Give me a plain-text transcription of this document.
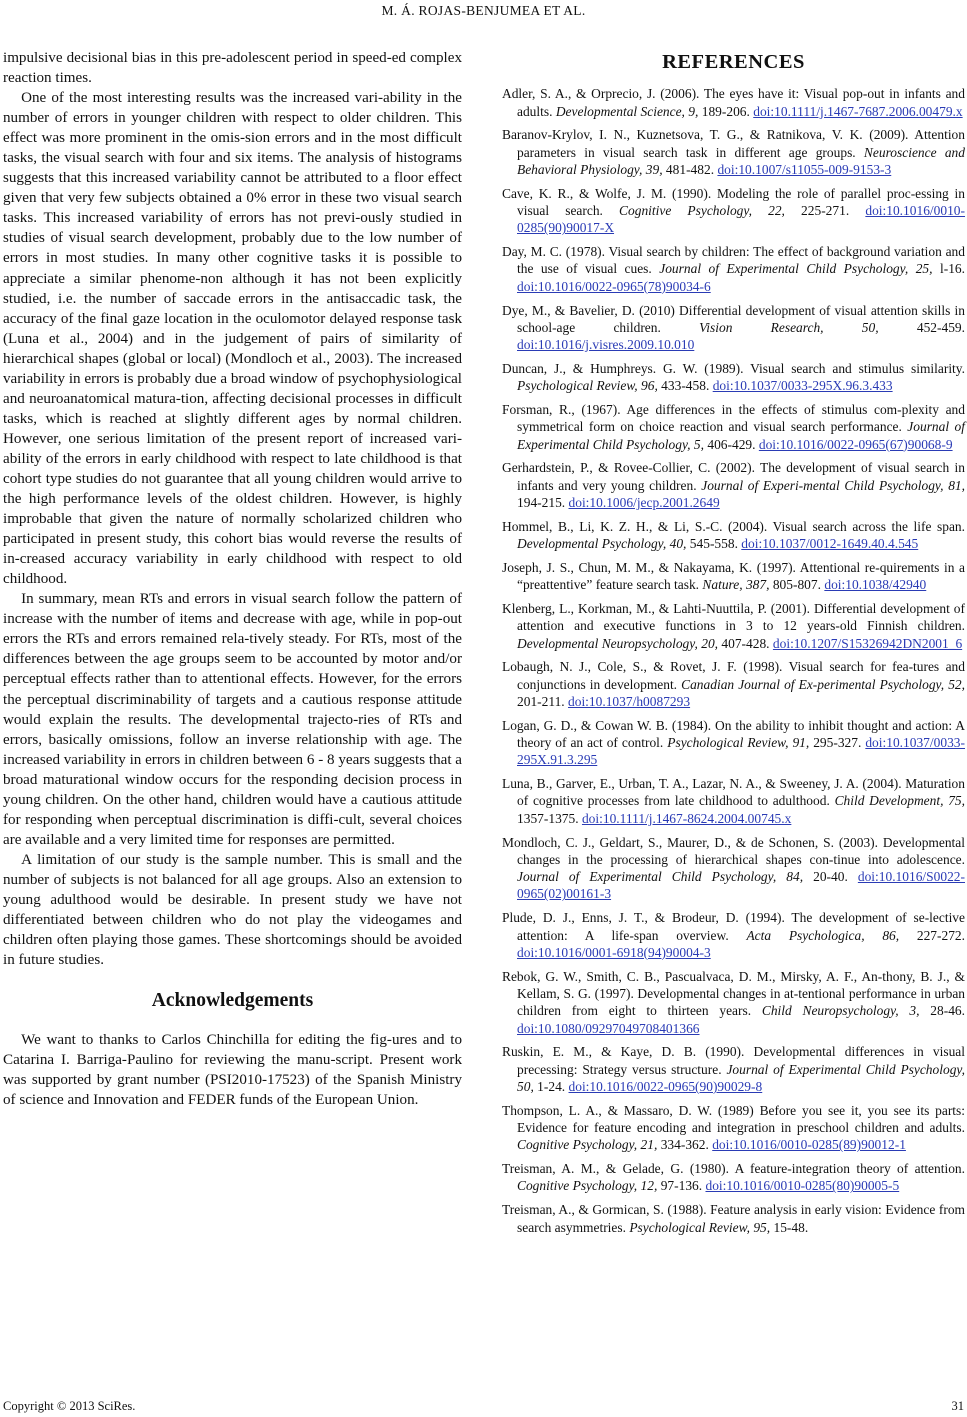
M. Á. ROJAS-BENJUMEA ET AL.

impulsive decisional bias in this pre-adolescent period in speed-ed complex reaction times.

One of the most interesting results was the increased vari-ability in the number of errors in younger children with respect to older children. This effect was more prominent in the omis-sion errors and in the most difficult tasks, the visual search with four and six items. The analysis of histograms suggests that this increased variability cannot be attributed to a floor effect given that very few subjects obtained a 0% error in these two visual search tasks. This increased variability of errors has not previ-ously studied in studies of visual search development, probably due to the low number of errors in most studies. In many other cognitive tasks it is possible to appreciate a similar phenome-non although it has not been explicitly studied, i.e. the number of saccade errors in the antisaccadic task, the accuracy of the final gaze location in the oculomotor delayed response task (Luna et al., 2004) and in the judgement of pairs of similarity of hierarchical shapes (global or local) (Mondloch et al., 2003). The increased variability in errors is probably due a broad window of psychophysiological and neuroanatomical matura-tion, affecting decisional processes in difficult tasks, which is reached at slightly different ages by normal children. However, one serious limitation of the present report of increased vari-ability of the errors in early childhood with respect to late childhood is that cohort type studies do not guarantee that all young children would arrive to the high performance levels of the oldest children. However, is highly improbable that given the nature of normally scholarized children who participated in present study, this cohort bias would reverse the results of in-creased accuracy variability in early childhood with respect to old childhood.

In summary, mean RTs and errors in visual search follow the pattern of increase with the number of items and decrease with age, while in pop-out errors the RTs and errors remained rela-tively steady. For RTs, most of the differences between the age groups seem to be accounted by motor and/or perceptual effects rather than to attentional effects. However, for the errors the perceptual discriminability of targets and a cautious response attitude would explain the results. The developmental trajecto-ries of RTs and errors, basically omissions, follow an inverse relationship with age. The increased variability in errors in children between 6 - 8 years suggests that a broad maturational window occurs for the responding decision process in young children. On the other hand, children would have a cautious attitude for responding when perceptual discrimination is diffi-cult, several choices are available and a very limited time for responses are permitted.

A limitation of our study is the sample number. This is small and the number of subjects is not balanced for all age groups. Also an extension to young adulthood would be desirable. In present study we have not differentiated between children who do not play the videogames and children often playing those games. These shortcomings should be avoided in future studies.

Acknowledgements

We want to thanks to Carlos Chinchilla for editing the fig-ures and to Catarina I. Barriga-Paulino for reviewing the manu-script. Present work was supported by grant number (PSI2010-17523) of the Spanish Ministry of science and Innovation and FEDER funds of the European Union.

REFERENCES
Adler, S. A., & Orprecio, J. (2006). The eyes have it: Visual pop-out in infants and adults. Developmental Science, 9, 189-206. doi:10.1111/j.1467-7687.2006.00479.x
Baranov-Krylov, I. N., Kuznetsova, T. G., & Ratnikova, V. K. (2009). Attention parameters in visual search task in different age groups. Neuroscience and Behavioral Physiology, 39, 481-482. doi:10.1007/s11055-009-9153-3
Cave, K. R., & Wolfe, J. M. (1990). Modeling the role of parallel proc-essing in visual search. Cognitive Psychology, 22, 225-271. doi:10.1016/0010-0285(90)90017-X
Day, M. C. (1978). Visual search by children: The effect of background variation and the use of visual cues. Journal of Experimental Child Psychology, 25, l-16. doi:10.1016/0022-0965(78)90034-6
Dye, M., & Bavelier, D. (2010) Differential development of visual attention skills in school-age children. Vision Research, 50, 452-459. doi:10.1016/j.visres.2009.10.010
Duncan, J., & Humphreys. G. W. (1989). Visual search and stimulus similarity. Psychological Review, 96, 433-458. doi:10.1037/0033-295X.96.3.433
Forsman, R., (1967). Age differences in the effects of stimulus com-plexity and symmetrical form on choice reaction and visual search performance. Journal of Experimental Child Psychology, 5, 406-429. doi:10.1016/0022-0965(67)90068-9
Gerhardstein, P., & Rovee-Collier, C. (2002). The development of visual search in infants and very young children. Journal of Experi-mental Child Psychology, 81, 194-215. doi:10.1006/jecp.2001.2649
Hommel, B., Li, K. Z. H., & Li, S.-C. (2004). Visual search across the life span. Developmental Psychology, 40, 545-558. doi:10.1037/0012-1649.40.4.545
Joseph, J. S., Chun, M. M., & Nakayama, K. (1997). Attentional re-quirements in a “preattentive” feature search task. Nature, 387, 805-807. doi:10.1038/42940
Klenberg, L., Korkman, M., & Lahti-Nuuttila, P. (2001). Differential development of attention and executive functions in 3 to 12 years-old Finnish children. Developmental Neuropsychology, 20, 407-428. doi:10.1207/S15326942DN2001_6
Lobaugh, N. J., Cole, S., & Rovet, J. F. (1998). Visual search for fea-tures and conjunctions in development. Canadian Journal of Ex-perimental Psychology, 52, 201-211. doi:10.1037/h0087293
Logan, G. D., & Cowan W. B. (1984). On the ability to inhibit thought and action: A theory of an act of control. Psychological Review, 91, 295-327. doi:10.1037/0033-295X.91.3.295
Luna, B., Garver, E., Urban, T. A., Lazar, N. A., & Sweeney, J. A. (2004). Maturation of cognitive processes from late childhood to adulthood. Child Development, 75, 1357-1375. doi:10.1111/j.1467-8624.2004.00745.x
Mondloch, C. J., Geldart, S., Maurer, D., & de Schonen, S. (2003). Developmental changes in the processing of hierarchical shapes con-tinue into adolescence. Journal of Experimental Child Psychology, 84, 20-40. doi:10.1016/S0022-0965(02)00161-3
Plude, D. J., Enns, J. T., & Brodeur, D. (1994). The development of se-lective attention: A life-span overview. Acta Psychologica, 86, 227-272. doi:10.1016/0001-6918(94)90004-3
Rebok, G. W., Smith, C. B., Pascualvaca, D. M., Mirsky, A. F., An-thony, B. J., & Kellam, S. G. (1997). Developmental changes in at-tentional performance in urban children from eight to thirteen years. Child Neuropsychology, 3, 28-46. doi:10.1080/09297049708401366
Ruskin, E. M., & Kaye, D. B. (1990). Developmental differences in visual precessing: Strategy versus structure. Journal of Experimental Child Psychology, 50, 1-24. doi:10.1016/0022-0965(90)90029-8
Thompson, L. A., & Massaro, D. W. (1989) Before you see it, you see its parts: Evidence for feature encoding and integration in preschool children and adults. Cognitive Psychology, 21, 334-362. doi:10.1016/0010-0285(89)90012-1
Treisman, A. M., & Gelade, G. (1980). A feature-integration theory of attention. Cognitive Psychology, 12, 97-136. doi:10.1016/0010-0285(80)90005-5
Treisman, A., & Gormican, S. (1988). Feature analysis in early vision: Evidence from search asymmetries. Psychological Review, 95, 15-48.
Copyright © 2013 SciRes.	31
